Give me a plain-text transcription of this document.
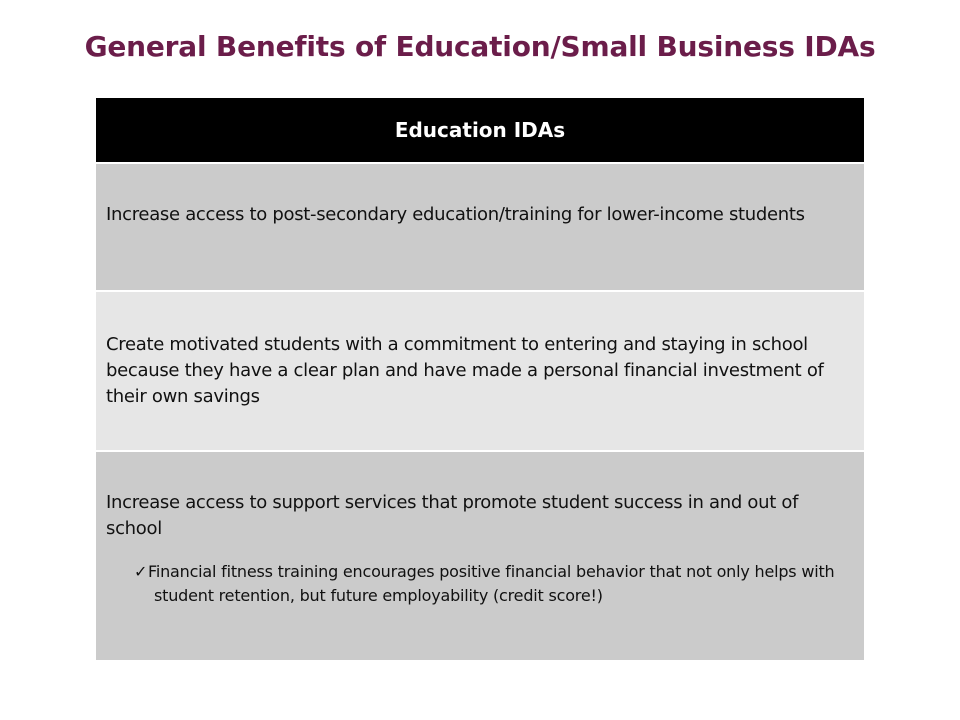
General Benefits of Education/Small Business IDAs
Education IDAs
Increase access to post-secondary education/training for lower-income students
Create motivated students with a commitment to entering and staying in school because they have a clear plan and have made a personal financial investment of their own savings
Increase access to support services that promote student success in and out of school
✓Financial fitness training encourages positive financial behavior that not only helps with student retention, but future employability (credit score!)
